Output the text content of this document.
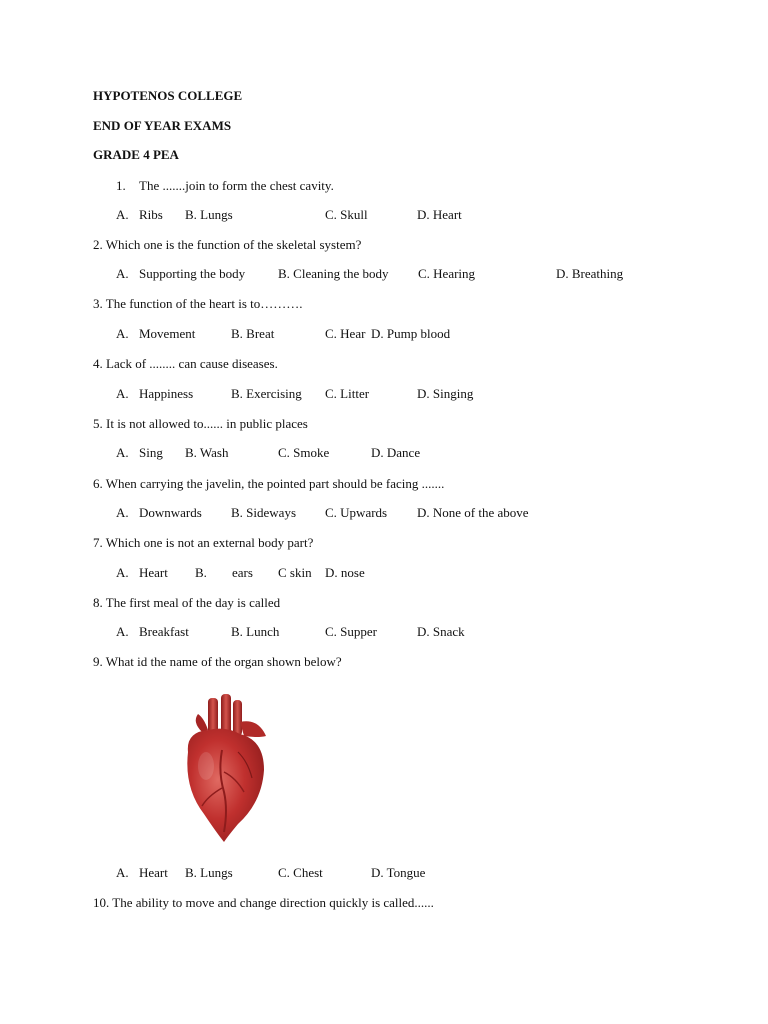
HYPOTENOS COLLEGE
END OF YEAR EXAMS
GRADE 4 PEA
1. The .......join to form the chest cavity.
A. Ribs B. Lungs	C. Skull	D. Heart
2. Which one is the function of the skeletal system?
A. Supporting the body	B. Cleaning the body C. Hearing	D. Breathing
3. The function of the heart is to……….
A. Movement	B. Breat	C. Hear D. Pump blood
4. Lack of ........ can cause diseases.
A. Happiness	B. Exercising C. Litter	D. Singing
5. It is not allowed to...... in public places
A. Sing B. Wash	C. Smoke	D. Dance
6. When carrying the javelin, the pointed part should be facing .......
A. Downwards B. Sideways C. Upwards D. None of the above
7. Which one is not an external body part?
A. Heart B. ears C skin D. nose
8. The first meal of the day is called
A. Breakfast	B. Lunch	C. Supper	D. Snack
9. What id the name of the organ shown below?
A. Heart B. Lungs	C. Chest	D. Tongue
10. The ability to move and change direction quickly is called......
